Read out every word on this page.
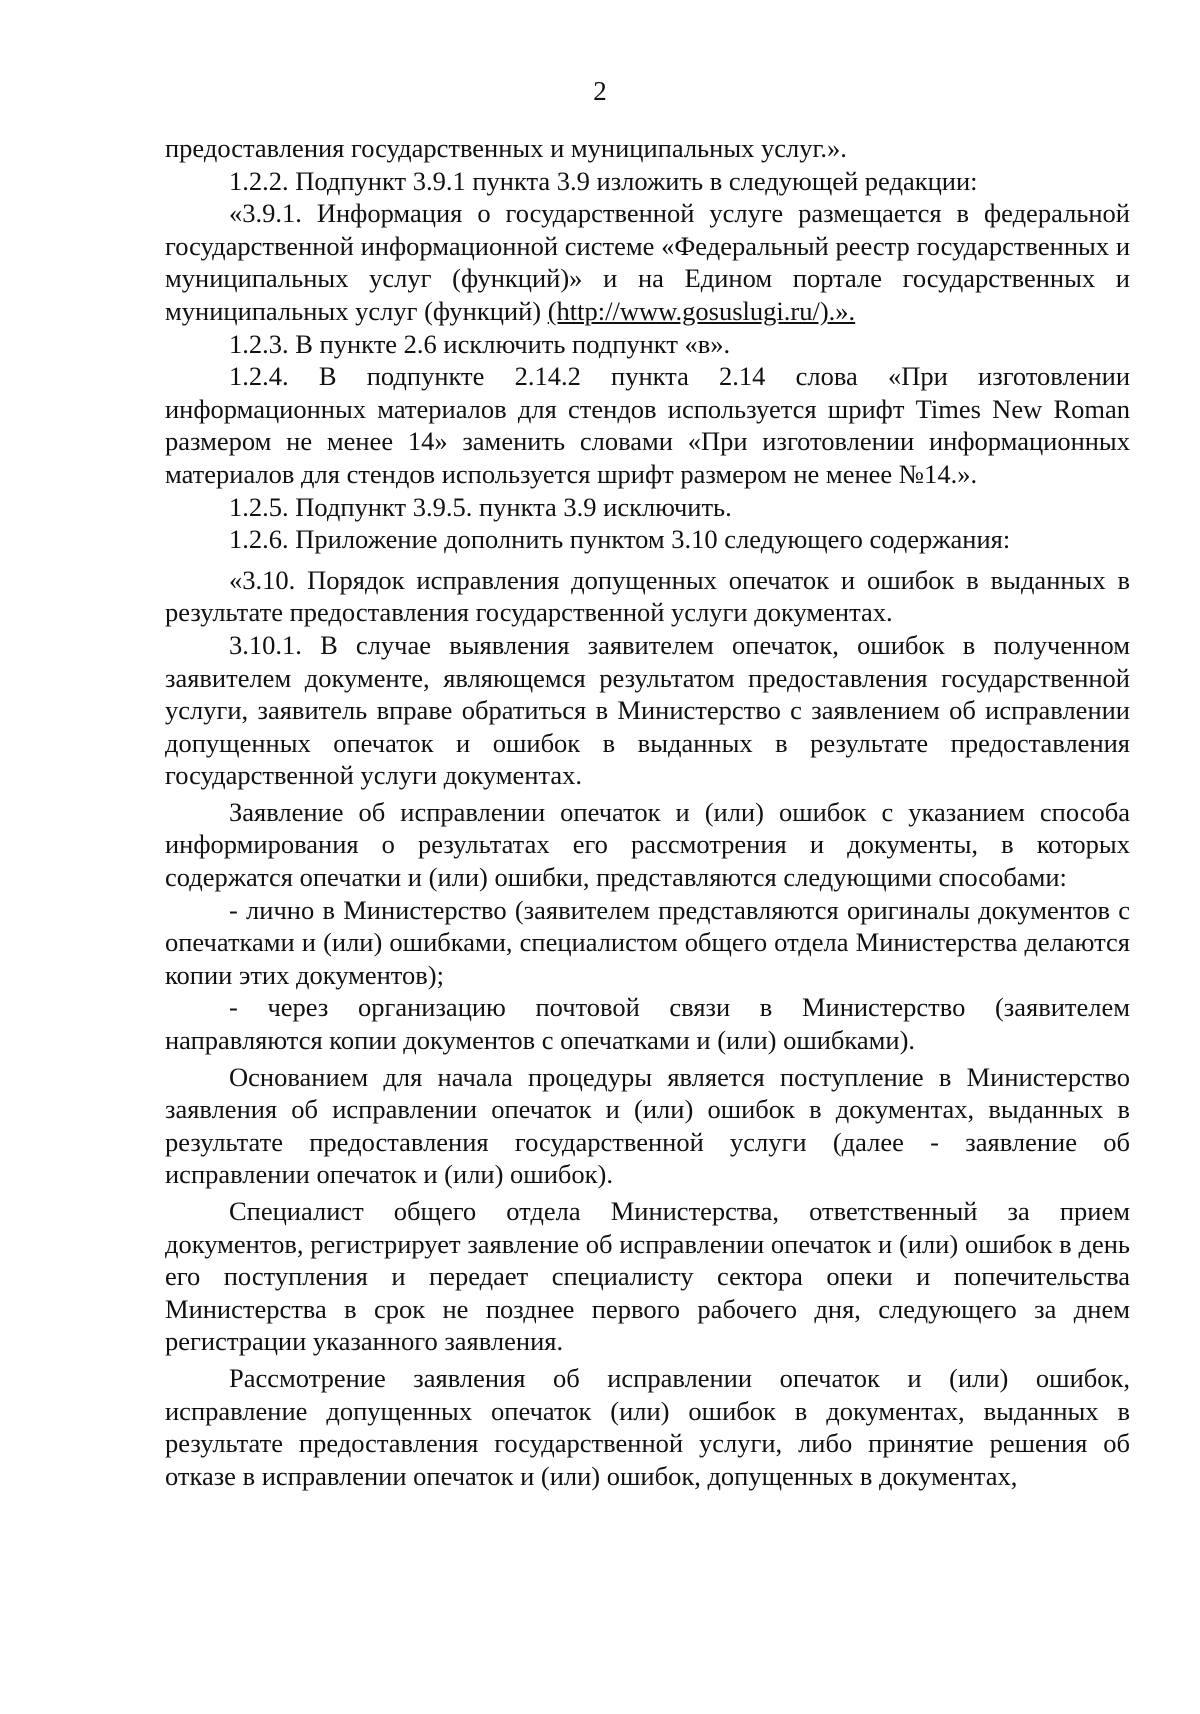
2

предоставления государственных и муниципальных услуг.».

1.2.2. Подпункт 3.9.1 пункта 3.9 изложить в следующей редакции:

«3.9.1. Информация о государственной услуге размещается в федеральной государственной информационной системе «Федеральный реестр государственных и муниципальных услуг (функций)» и на Едином портале государственных и муниципальных услуг (функций) (http://www.gosuslugi.ru/).».

1.2.3. В пункте 2.6 исключить подпункт «в».

1.2.4. В подпункте 2.14.2 пункта 2.14 слова «При изготовлении информационных материалов для стендов используется шрифт Times New Roman размером не менее 14» заменить словами «При изготовлении информационных материалов для стендов используется шрифт размером не менее №14.».

1.2.5. Подпункт 3.9.5. пункта 3.9 исключить.

1.2.6. Приложение дополнить пунктом 3.10 следующего содержания:

«3.10. Порядок исправления допущенных опечаток и ошибок в выданных в результате предоставления государственной услуги документах.

3.10.1. В случае выявления заявителем опечаток, ошибок в полученном заявителем документе, являющемся результатом предоставления государственной услуги, заявитель вправе обратиться в Министерство с заявлением об исправлении допущенных опечаток и ошибок в выданных в результате предоставления государственной услуги документах.

Заявление об исправлении опечаток и (или) ошибок с указанием способа информирования о результатах его рассмотрения и документы, в которых содержатся опечатки и (или) ошибки, представляются следующими способами:

- лично в Министерство (заявителем представляются оригиналы документов с опечатками и (или) ошибками, специалистом общего отдела Министерства делаются копии этих документов);

- через организацию почтовой связи в Министерство (заявителем направляются копии документов с опечатками и (или) ошибками).

Основанием для начала процедуры является поступление в Министерство заявления об исправлении опечаток и (или) ошибок в документах, выданных в результате предоставления государственной услуги (далее - заявление об исправлении опечаток и (или) ошибок).

Специалист общего отдела Министерства, ответственный за прием документов, регистрирует заявление об исправлении опечаток и (или) ошибок в день его поступления и передает специалисту сектора опеки и попечительства Министерства в срок не позднее первого рабочего дня, следующего за днем регистрации указанного заявления.

Рассмотрение заявления об исправлении опечаток и (или) ошибок, исправление допущенных опечаток (или) ошибок в документах, выданных в результате предоставления государственной услуги, либо принятие решения об отказе в исправлении опечаток и (или) ошибок, допущенных в документах,
